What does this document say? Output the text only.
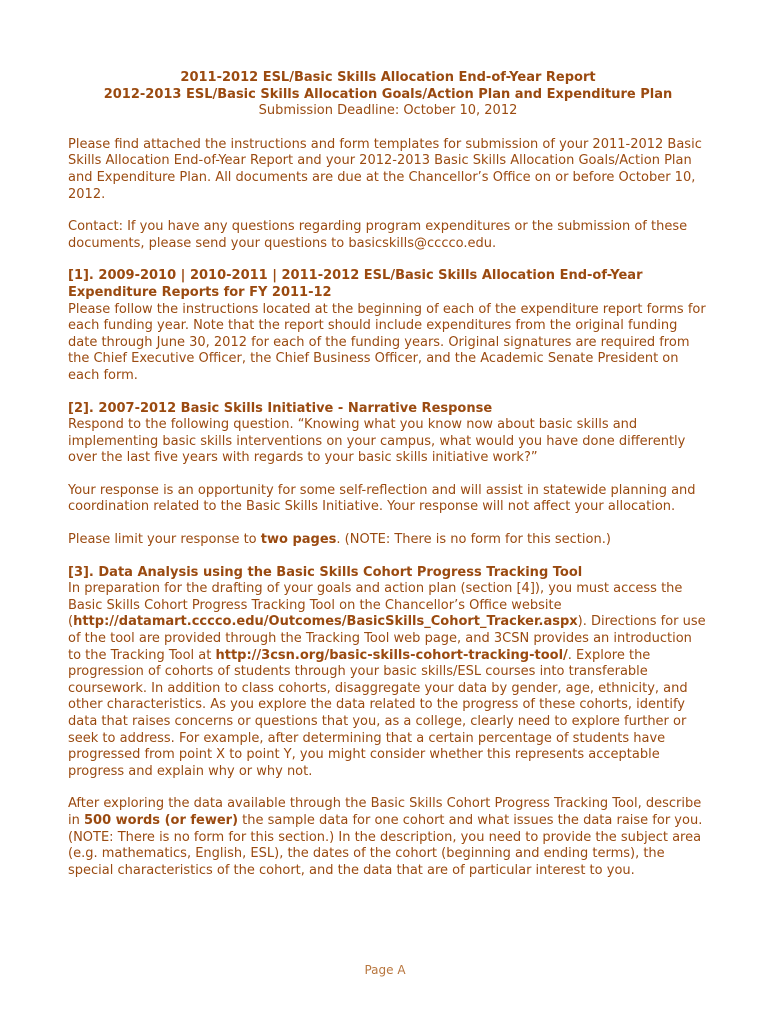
2011-2012 ESL/Basic Skills Allocation End-of-Year Report
2012-2013 ESL/Basic Skills Allocation Goals/Action Plan and Expenditure Plan
Submission Deadline: October 10, 2012

Please find attached the instructions and form templates for submission of your 2011-2012 Basic Skills Allocation End-of-Year Report and your 2012-2013 Basic Skills Allocation Goals/Action Plan and Expenditure Plan. All documents are due at the Chancellor’s Office on or before October 10, 2012.

Contact: If you have any questions regarding program expenditures or the submission of these documents, please send your questions to basicskills@cccco.edu.

[1]. 2009-2010 | 2010-2011 | 2011-2012 ESL/Basic Skills Allocation End-of-Year Expenditure Reports for FY 2011-12

Please follow the instructions located at the beginning of each of the expenditure report forms for each funding year. Note that the report should include expenditures from the original funding date through June 30, 2012 for each of the funding years. Original signatures are required from the Chief Executive Officer, the Chief Business Officer, and the Academic Senate President on each form.

[2]. 2007-2012 Basic Skills Initiative - Narrative Response

Respond to the following question. “Knowing what you know now about basic skills and implementing basic skills interventions on your campus, what would you have done differently over the last five years with regards to your basic skills initiative work?”

Your response is an opportunity for some self-reflection and will assist in statewide planning and coordination related to the Basic Skills Initiative. Your response will not affect your allocation.

Please limit your response to two pages. (NOTE: There is no form for this section.)

[3]. Data Analysis using the Basic Skills Cohort Progress Tracking Tool

In preparation for the drafting of your goals and action plan (section [4]), you must access the Basic Skills Cohort Progress Tracking Tool on the Chancellor’s Office website (http://datamart.cccco.edu/Outcomes/BasicSkills_Cohort_Tracker.aspx). Directions for use of the tool are provided through the Tracking Tool web page, and 3CSN provides an introduction to the Tracking Tool at http://3csn.org/basic-skills-cohort-tracking-tool/. Explore the progression of cohorts of students through your basic skills/ESL courses into transferable coursework. In addition to class cohorts, disaggregate your data by gender, age, ethnicity, and other characteristics. As you explore the data related to the progress of these cohorts, identify data that raises concerns or questions that you, as a college, clearly need to explore further or seek to address. For example, after determining that a certain percentage of students have progressed from point X to point Y, you might consider whether this represents acceptable progress and explain why or why not.

After exploring the data available through the Basic Skills Cohort Progress Tracking Tool, describe in 500 words (or fewer) the sample data for one cohort and what issues the data raise for you. (NOTE: There is no form for this section.) In the description, you need to provide the subject area (e.g. mathematics, English, ESL), the dates of the cohort (beginning and ending terms), the special characteristics of the cohort, and the data that are of particular interest to you.

Page A
